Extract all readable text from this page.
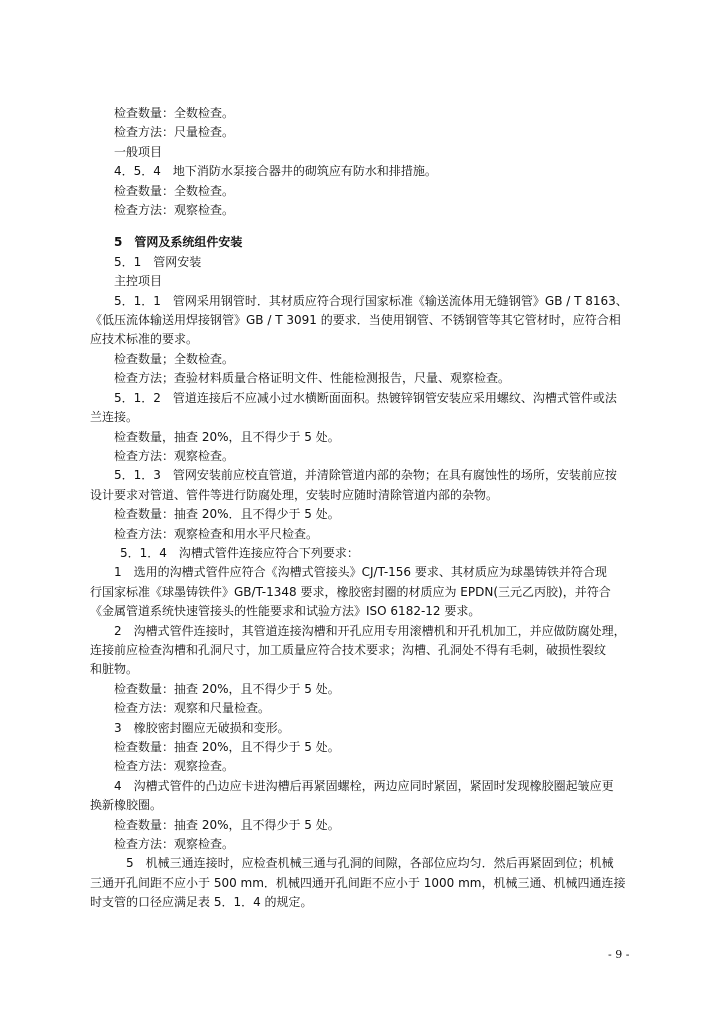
检查数量：全数检查。

检查方法：尺量检查。

一般项目

4．5．4　地下消防水泵接合器井的砌筑应有防水和排措施。

检查数量：全数检查。

检查方法：观察检查。

5　管网及系统组件安装

5．1　管网安装

主控项目

5．1．1　管网采用钢管时．其材质应符合现行国家标准《输送流体用无缝钢管》GB / T 8163、

《低压流体输送用焊接钢管》GB / T 3091 的要求．当使用钢管、不锈钢管等其它管材时，应符合相

应技术标准的要求。

检查数量；全数检查。

检查方法；查验材料质量合格证明文件、性能检测报告，尺量、观察检查。

5．1．2　管道连接后不应减小过水横断面面积。热镀锌钢管安装应采用螺纹、沟槽式管件或法

兰连接。

检查数量，抽查 20%，且不得少于 5 处。

检查方法：观察检查。

5．1．3　管网安装前应校直管道，并清除管道内部的杂物；在具有腐蚀性的场所，安装前应按

设计要求对管道、管件等进行防腐处理，安装时应随时清除管道内部的杂物。

检查数量：抽查 20%．且不得少于 5 处。

检查方法：观察检查和用水平尺检查。

5．1．4　沟槽式管件连接应符合下列要求：

1　选用的沟槽式管件应符合《沟槽式管接头》CJ/T-156 要求、其材质应为球墨铸铁并符合现

行国家标准《球墨铸铁件》GB/T-1348 要求，橡胶密封圈的材质应为 EPDN(三元乙丙胶)，并符合

《金属管道系统快速管接头的性能要求和试验方法》ISO 6182-12 要求。

2　沟槽式管件连接时，其管道连接沟槽和开孔应用专用滚槽机和开孔机加工，并应做防腐处理，

连接前应检查沟槽和孔洞尺寸，加工质量应符合技术要求；沟槽、孔洞处不得有毛刺，破损性裂纹

和脏物。

检查数量：抽查 20%，且不得少于 5 处。

检查方法：观察和尺量检查。

3　橡胶密封圈应无破损和变形。

检查数量：抽查 20%，且不得少于 5 处。

检查方法：观察捡查。

4　沟槽式管件的凸边应卡进沟槽后再紧固螺栓，两边应同时紧固，紧固时发现橡胶圈起皱应更

换新橡胶圈。

检查数量：抽查 20%，且不得少于 5 处。

检查方法：观察检查。

5　机械三通连接时，应检查机械三通与孔洞的间隙，各部位应均匀．然后再紧固到位；机械

三通开孔间距不应小于 500 mm．机械四通开孔间距不应小于 1000 mm，机械三通、机械四通连接

时支管的口径应满足表 5．1．4 的规定。

- 9 -
